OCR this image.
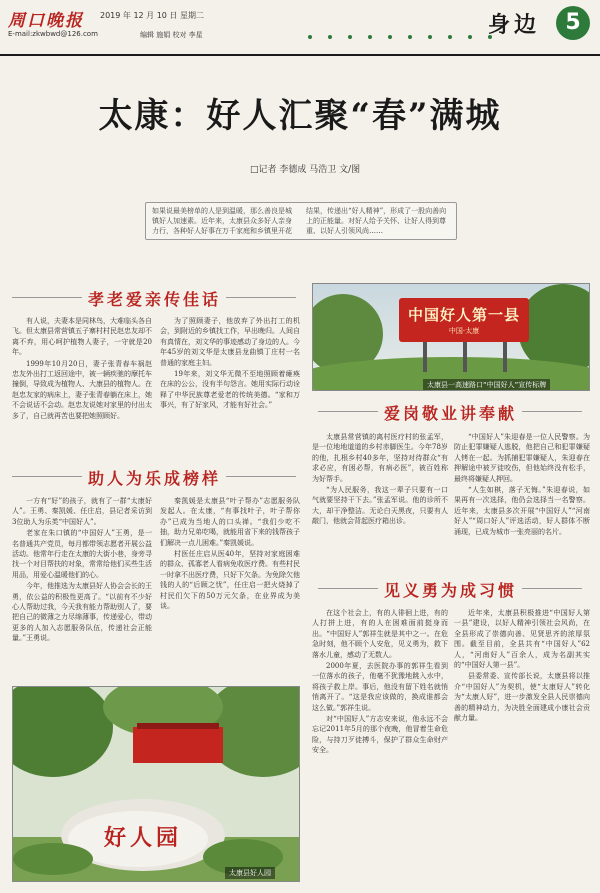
周口晚报 2019 年 12 月 10 日 星期二
E-mail:zkwbwd@126.com	编辑 施娟 校对 李星	身边	5
太康：好人汇聚“春”满城
□记者 李德成 马浩卫 文/图
如果说最美榜单的人是到温暖，那么善良是城镇好人加速素。近年来，太康县众多好人亲身力行，各种好人好事在万千家庭和乡镇里开花结果，传递出“好人精神”，形成了一股向善向上的正能量。对好人给予关怀、让好人得到尊重、以好人引领风尚……
孝老爱亲传佳话

有人说，夫妻本是同林鸟，大难临头各自飞。但太康县常营镇五子寨村村民赵忠友却不离不弃，用心呵护植物人妻子，一守就是20年。

1999年10月20日，妻子张青春车祸赵忠友外出打工返回途中，被一辆疾驰的摩托车撞倒，导致成为植物人、大康县的植物人。在赵忠友家的病床上，妻子张青春躺在床上，她不会说话不会动。赵忠友说她对家里的付出太多了，自己就再苦也要把她照顾好。

为了照顾妻子，他放弃了外出打工的机会，到附近的乡镇找工作，早出晚归。人间自有真情在，刘文华的事迹感动了身边的人。今年45岁的刘文华是太康县龙曲镇丁庄村一名普通的家庭主妇。

19年来，刘文华无微不至地照顾着瘫痪在床的公公，没有半句怨言。她用实际行动诠释了中华民族尊老爱老的传统美德。“家和万事兴，有了好家风，才能有好社会。”

中国好人第一县
中国·太康
太康县一高速路口“中国好人”宣传标牌
爱岗敬业讲奉献
助人为乐成榜样

一方有“好”的孩子，就有了一群“太康好人”。王勇、秦凯媛、任庄启，县记者采访到3位助人为乐类“中国好人”。

老家在朱口镇的“中国好人”王勇，是一名普通共产党员，每月都带领志愿者开展公益活动。他常年行走在太康的大街小巷，身旁寻找一个对目帮扶的对象，常常给他们买些生活用品，用爱心温暖他们的心。

今年，他推选为太康县好人协会会长的王勇，依公益的积极性更高了。“以前有不少好心人帮助过我，今天我有能力帮助别人了，要把自己的微薄之力尽绵薄事，传递爱心，带动更多的人加入志愿服务队伍，传递社会正能量。”王勇说。

秦凯媛是太康县“叶子帮办”志愿服务队发起人。在太康，“有事找叶子，叶子帮你办”已成为当地人的口头禅。“我们少吃不抽，助力兄弟吃喝，就能用省下来的钱帮孩子们解决一点儿困难。”秦凯媛说。

村医任庄启从医40年，坚持对家庭困难的群众、孤寡老人看病免收医疗费。有些村民一时拿不出医疗费，只好下欠条。为免除欠他钱的人的“后顾之忧”，任庄启一把火烧掉了村民们欠下的50万元欠条，在业界成为美谈。

太康县常营镇的离村医疗村的张孟军，是一位地地道道的乡村赤脚医生。今年78岁的他，扎根乡村40多年，坚持对待群众“有求必应，有困必帮，有病必医”，被百姓称为好帮手。

“为人民服务，我这一辈子只要有一口气就要坚持干下去。”张孟军说。他的诊所不大，却干净整洁。无论白天黑夜，只要有人敲门，他就会背起医疗箱出诊。

“中国好人”朱迎春是一位人民警察。为防止犯罪嫌疑人逃脱，他把自己和犯罪嫌疑人铐在一起。为抓捕犯罪嫌疑人，朱迎春在押解途中被歹徒咬伤，但他始终没有松手，最终将嫌疑人押回。

“人生如棋，落子无悔。”朱迎春说，如果再有一次选择，他仍会选择当一名警察。近年来，太康县多次开展“中国好人”“河南好人”“周口好人”评选活动，好人群体不断涌现，已成为城市一张亮丽的名片。

见义勇为成习惯
好人园
太康县好人园

在这个社会上，有的人徘徊上进，有的人打拼上进，有的人在困难面前挺身而出。“中国好人”郭祥生就是其中之一。在危急时刻，他不顾个人安危，见义勇为，救下落水儿童，感动了无数人。

2000年夏，去医院办事的郭祥生看到一位落水的孩子，他毫不犹豫地跳入水中，将孩子救上岸。事后，他没有留下姓名就悄悄离开了。“这是我应该做的，换成谁都会这么做。”郭祥生说。

对“中国好人”方志安来说，他永远不会忘记2011年5月的那个夜晚，他冒着生命危险，与持刀歹徒搏斗，保护了群众生命财产安全。

近年来，太康县积极推进“中国好人第一县”建设，以好人精神引领社会风尚，在全县形成了崇德向善、见贤思齐的浓厚氛围。截至目前，全县共有“中国好人”62人，“河南好人”百余人，成为名副其实的“中国好人第一县”。

县委常委、宣传部长说，太康县将以推介“中国好人”为契机，使“太康好人”转化为“太康人好”，进一步激发全县人民崇德向善的精神动力，为决胜全面建成小康社会贡献力量。
